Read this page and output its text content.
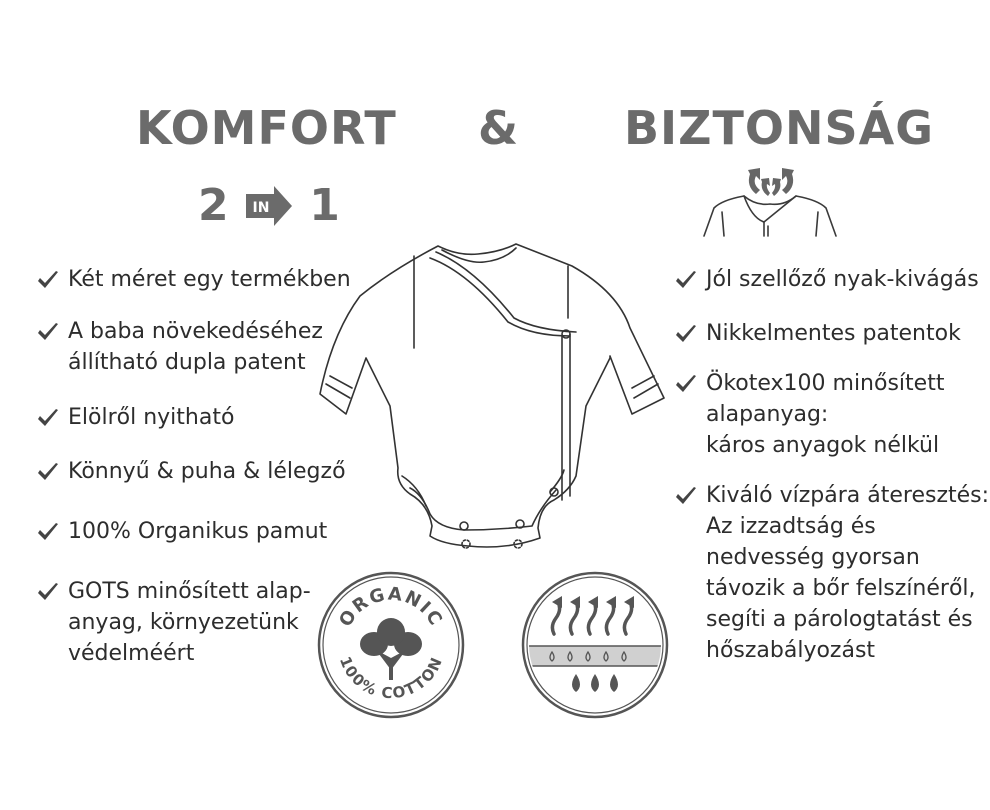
KOMFORT & BIZTONSÁG
2 IN 1
Két méret egy termékben
A baba növekedéséhez
állítható dupla patent
Elölről nyitható
Könnyű & puha & lélegző
100% Organikus pamut
GOTS minősített alap-
anyag, környezetünk
védelméért
Jól szellőző nyak-kivágás
Nikkelmentes patentok
Ökotex100 minősített
alapanyag:
káros anyagok nélkül
Kiváló vízpára áteresztés:
Az izzadtság és
nedvesség gyorsan
távozik a bőr felszínéről,
segíti a párologtatást és
hőszabályozást
ORGANIC
100% COTTON
